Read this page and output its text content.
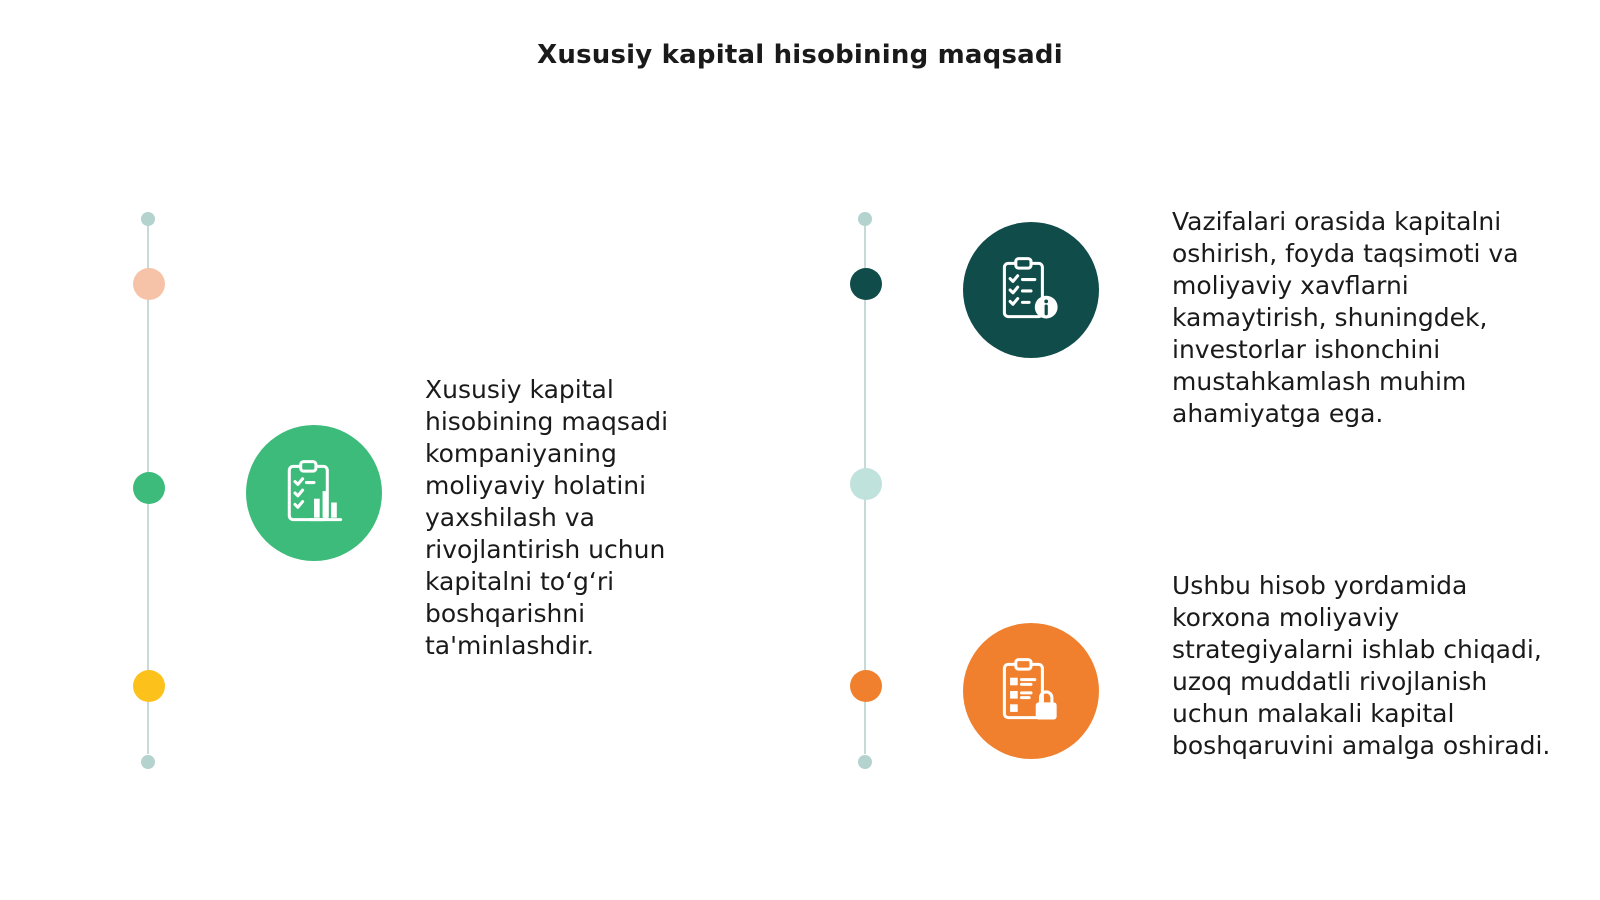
Xususiy kapital hisobining maqsadi
Xususiy kapital hisobining maqsadi kompaniyaning moliyaviy holatini yaxshilash va rivojlantirish uchun kapitalni to‘g‘ri boshqarishni ta'minlashdir.
Vazifalari orasida kapitalni oshirish, foyda taqsimoti va moliyaviy xavflarni kamaytirish, shuningdek, investorlar ishonchini mustahkamlash muhim ahamiyatga ega.
Ushbu hisob yordamida korxona moliyaviy strategiyalarni ishlab chiqadi, uzoq muddatli rivojlanish uchun malakali kapital boshqaruvini amalga oshiradi.
